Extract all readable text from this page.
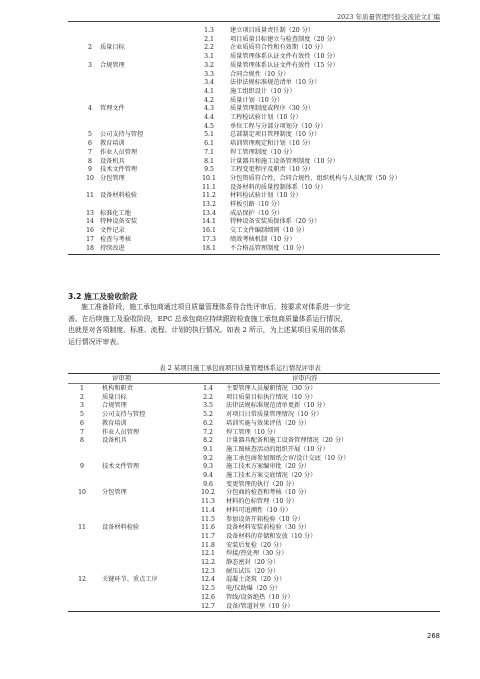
2023 年质量管理经验交流论文汇编
1.3	建立项目质量责任制（20 分）
2.1	项目质量目标建立与检查制度（20 分）
2	质量目标	2.2	企业质质符合性和有效期（10 分）
3.1	质量管理体系认证文件有效性（10 分）
3	合规管理	3.2	质量管理体系认证文件有效性（15 分）
3.3	合同合规性（10 分）
3.4	法律法规标准规范清单（10 分）
4.1	施工组织设计（10 分）
4.2	质量计划（10 分）
4	管理文件	4.3	质量管理制度或程序（30 分）
4.4	工程检试验计划（10 分）
4.5	单位工程与分部分项划分（10 分）
5	公司支持与管控	5.1	总部制定项目管理制度（10 分）
6	教育培训	6.1	培训管理规定和计划（10 分）
7	作业人员管理	7.1	焊工管理制度（10 分）
8	设备机具	8.1	计量器具和施工设备管理制度（10 分）
9	技术文件管理	9.5	工程变更程序及职责（10 分）
10 分包管理	10.1	分包资质符合性、合同合规性、组织机构与人员配置（50 分）
11.1	设备材料的质量控制体系（10 分）
11 设备材料检验	11.2	材料检试验计划（10 分）
13.2	样板引路（10 分）
13 标准化工地	13.4	成品保护（10 分）
14 特种设备安装	14.1	特种设备安装质保体系（20 分）
16 文件记录	16.1	交工文件编制细则（10 分）
17 检查与考核	17.3	绩效考核机制（10 分）
18 持续改进	18.1	不合格品管理制度（10 分）
3.2 施工及验收阶段
施工准备阶段，施工承包商通过项目质量管理体系符合性评审后，按要求对体系进一步完
善。在后续施工及验收阶段，EPC 总承包商应持续跟踪检查施工承包商质量体系运行情况，
也就是对各项制度、标准、流程、计划的执行情况。如表 2 所示，为上述某项目采用的体系
运行情况评审表。
表 2 某项目施工承包商项目质量管理体系运行情况评审表
评审项	评审内容
1	机构和职责	1.4	主要管理人员履职情况（30 分）
2	质量目标	2.2	项目质量目标执行情况（10 分）
3	合规管理	3.5	法律法规标准规范清单更新（10 分）
5	公司支持与管控	5.2	对项目日常质量管理情况（10 分）
6	教育培训	6.2	培训实施与效果评估（20 分）
7	作业人员管理	7.2	焊工管理（10 分）
8	设备机具	8.2	计量器具配备和施工设备管理情况（20 分）
9.1	施工图核查活动的组织开展（10 分）
9.2	施工承包商参加图纸会审/设计交底（10 分）
9	技术文件管理	9.3	施工技术方案编审批（20 分）
9.4	施工技术方案交底情况（20 分）
9.6	变更管理的执行（20 分）
10	分包管理	10.2	分包商的检查和考核（10 分）
11.3	材料的色标管理（10 分）
11.4	材料可追溯性（10 分）
11.5	参加设备开箱检验（10 分）
11	设备材料检验	11.6	设备材料安装前检验（30 分）
11.7	设备材料的存储和发放（10 分）
11.8	安装后复检（20 分）
12.1	焊接/热处理（30 分）
12.2	静态密封（20 分）
12.3	耐压试压（20 分）
12	关键环节、重点工序	12.4	混凝土浇筑（20 分）
12.5	电/仪助爆（20 分）
12.6	管线/设备绝热（10 分）
12.7	设备/管道衬里（10 分）
268
